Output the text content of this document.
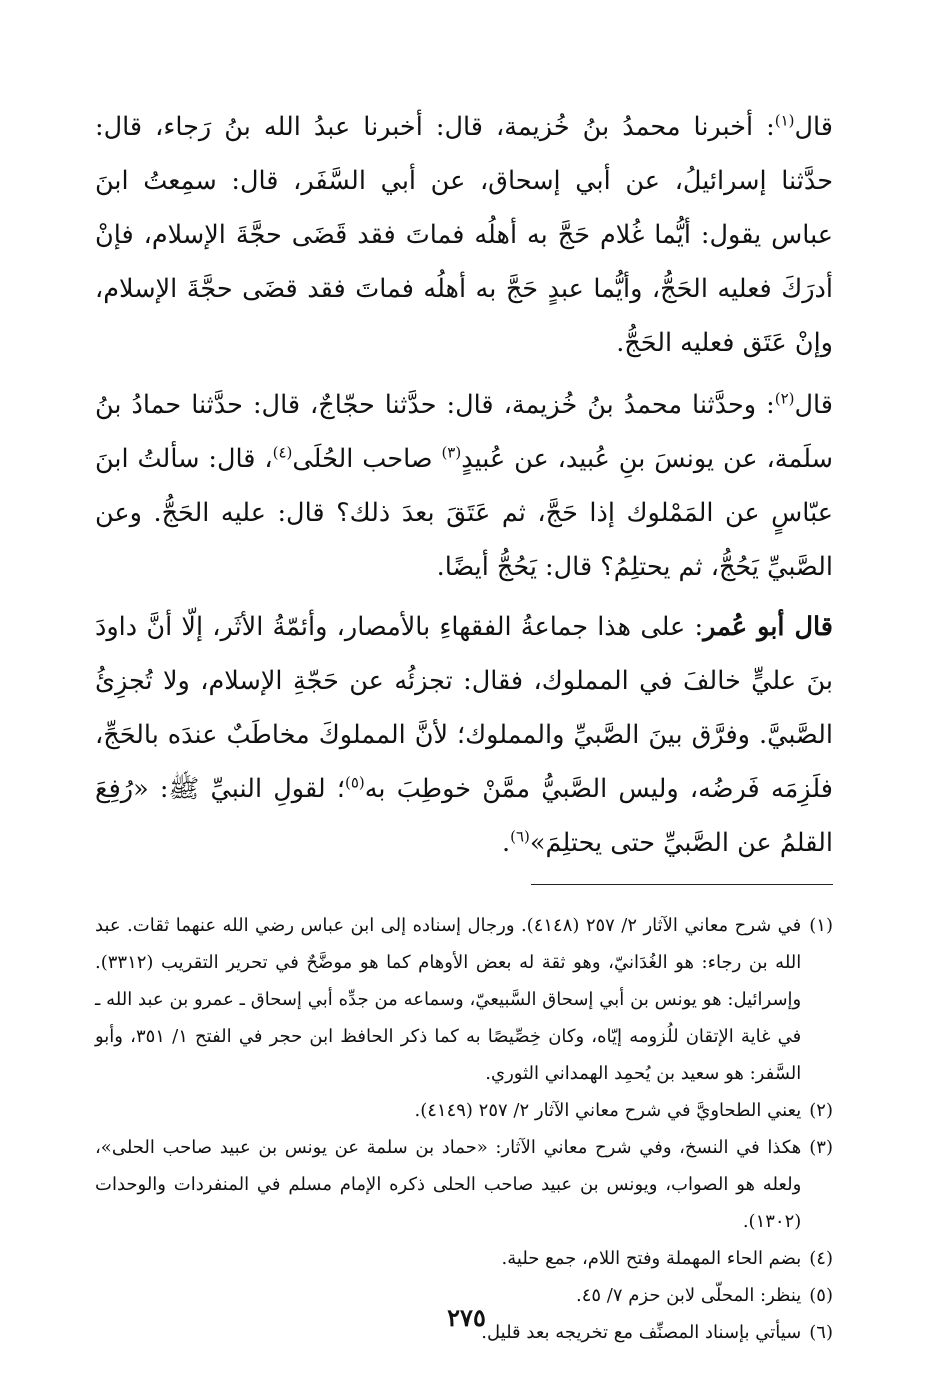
قال$^{(١)}$: أخبرنا محمدُ بنُ خُزيمة، قال: أخبرنا عبدُ الله بنُ رَجاء، قال: حدَّثنا إسرائيلُ، عن أبي إسحاق، عن أبي السَّفَر، قال: سمِعتُ ابنَ عباس يقول: أيُّما غُلام حَجَّ به أهلُه فماتَ فقد قَضَى حجَّةَ الإسلام، فإنْ أدرَكَ فعليه الحَجُّ، وأيُّما عبدٍ حَجَّ به أهلُه فماتَ فقد قضَى حجَّةَ الإسلام، وإنْ عَتَق فعليه الحَجُّ.

قال$^{(٢)}$: وحدَّثنا محمدُ بنُ خُزيمة، قال: حدَّثنا حجّاجٌ، قال: حدَّثنا حمادُ بنُ سلَمة، عن يونسَ بنِ عُبيد، عن عُبيدٍ$^{(٣)}$ صاحب الحُلَى$^{(٤)}$، قال: سألتُ ابنَ عبّاسٍ عن المَمْلوك إذا حَجَّ، ثم عَتَقَ بعدَ ذلك؟ قال: عليه الحَجُّ. وعن الصَّبيِّ يَحُجُّ، ثم يحتلِمُ؟ قال: يَحُجُّ أيضًا.

قال أبو عُمر: على هذا جماعةُ الفقهاءِ بالأمصار، وأئمّةُ الأثَر، إلّا أنَّ داودَ بنَ عليٍّ خالفَ في المملوك، فقال: تجزئُه عن حَجّةِ الإسلام، ولا تُجزِئُ الصَّبيَّ. وفرَّق بينَ الصَّبيِّ والمملوك؛ لأنَّ المملوكَ مخاطَبٌ عندَه بالحَجِّ، فلَزِمَه فَرضُه، وليس الصَّبيُّ ممَّنْ خوطِبَ به$^{(٥)}$؛ لقولِ النبيِّ ﷺ: «رُفِعَ القلمُ عن الصَّبيِّ حتى يحتلِمَ»$^{(٦)}$.

(١)
في شرح معاني الآثار ٢/ ٢٥٧ (٤١٤٨). ورجال إسناده إلى ابن عباس رضي الله عنهما ثقات. عبد الله بن رجاء: هو الغُدَانيّ، وهو ثقة له بعض الأوهام كما هو موضَّحٌ في تحرير التقريب (٣٣١٢). وإسرائيل: هو يونس بن أبي إسحاق السَّبيعيّ، وسماعه من جدِّه أبي إسحاق ـ عمرو بن عبد الله ـ في غاية الإتقان للُزومه إيّاه، وكان خِصِّيصًا به كما ذكر الحافظ ابن حجر في الفتح ١/ ٣٥١، وأبو السَّفر: هو سعيد بن يُحمِد الهمداني الثوري.
(٢)
يعني الطحاويَّ في شرح معاني الآثار ٢/ ٢٥٧ (٤١٤٩).
(٣)
هكذا في النسخ، وفي شرح معاني الآثار: «حماد بن سلمة عن يونس بن عبيد صاحب الحلى»، ولعله هو الصواب، ويونس بن عبيد صاحب الحلى ذكره الإمام مسلم في المنفردات والوحدات (١٣٠٢).
(٤)
بضم الحاء المهملة وفتح اللام، جمع حلية.
(٥)
ينظر: المحلّى لابن حزم ٧/ ٤٥.
(٦)
سيأتي بإسناد المصنِّف مع تخريجه بعد قليل.
٢٧٥
